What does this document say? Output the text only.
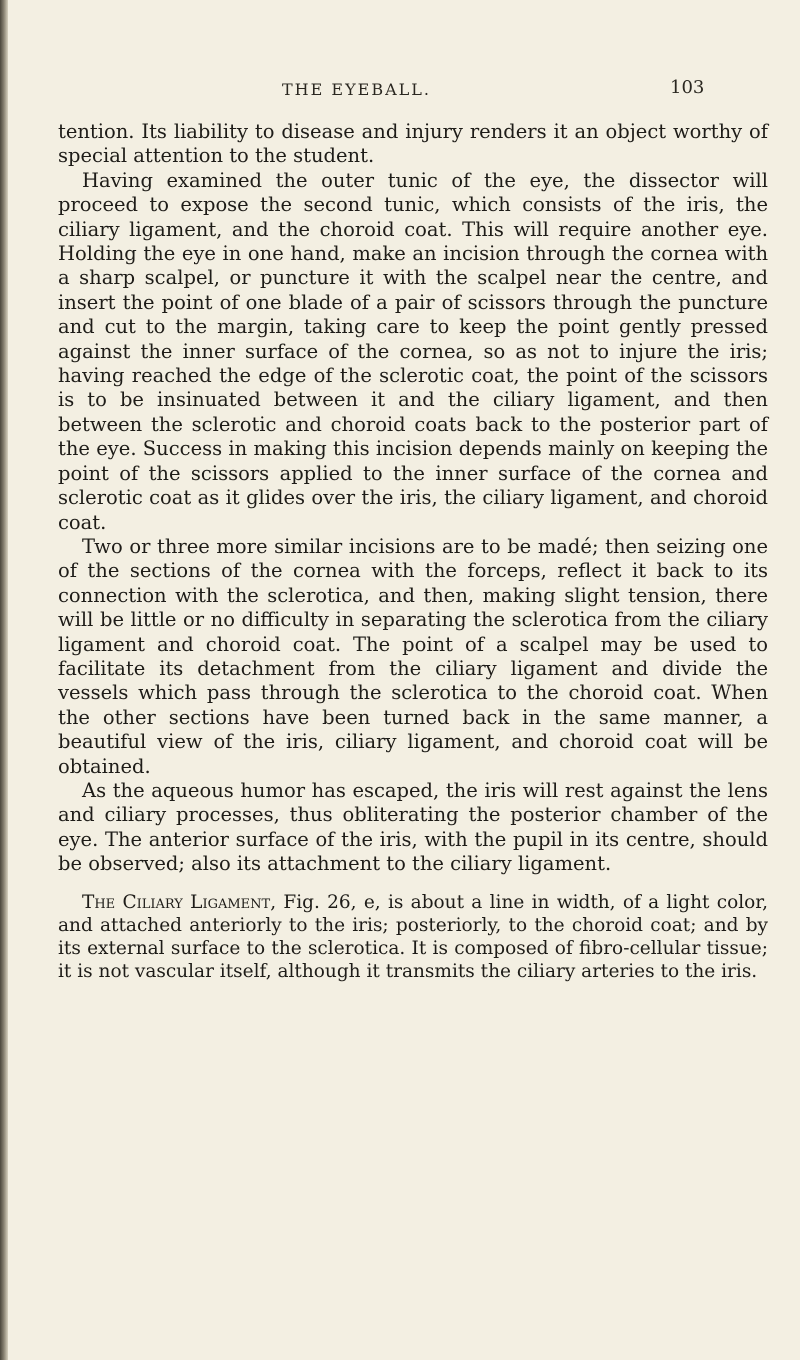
THE EYEBALL.	103

tention. Its liability to disease and injury renders it an object worthy of special attention to the student.

Having examined the outer tunic of the eye, the dissector will proceed to expose the second tunic, which consists of the iris, the ciliary ligament, and the choroid coat. This will require another eye. Holding the eye in one hand, make an incision through the cornea with a sharp scalpel, or puncture it with the scalpel near the centre, and insert the point of one blade of a pair of scissors through the puncture and cut to the margin, taking care to keep the point gently pressed against the inner surface of the cornea, so as not to injure the iris; having reached the edge of the sclerotic coat, the point of the scissors is to be insinuated between it and the ciliary ligament, and then between the sclerotic and choroid coats back to the posterior part of the eye. Success in making this incision depends mainly on keeping the point of the scissors applied to the inner surface of the cornea and sclerotic coat as it glides over the iris, the ciliary ligament, and choroid coat.

Two or three more similar incisions are to be madé; then seizing one of the sections of the cornea with the forceps, reflect it back to its connection with the sclerotica, and then, making slight tension, there will be little or no difficulty in separating the sclerotica from the ciliary ligament and choroid coat. The point of a scalpel may be used to facilitate its detachment from the ciliary ligament and divide the vessels which pass through the sclerotica to the choroid coat. When the other sections have been turned back in the same manner, a beautiful view of the iris, ciliary ligament, and choroid coat will be obtained.

As the aqueous humor has escaped, the iris will rest against the lens and ciliary processes, thus obliterating the posterior chamber of the eye. The anterior surface of the iris, with the pupil in its centre, should be observed; also its attachment to the ciliary ligament.

The Ciliary Ligament, Fig. 26, e, is about a line in width, of a light color, and attached anteriorly to the iris; posteriorly, to the choroid coat; and by its external surface to the sclerotica. It is composed of fibro-cellular tissue; it is not vascular itself, although it transmits the ciliary arteries to the iris.
